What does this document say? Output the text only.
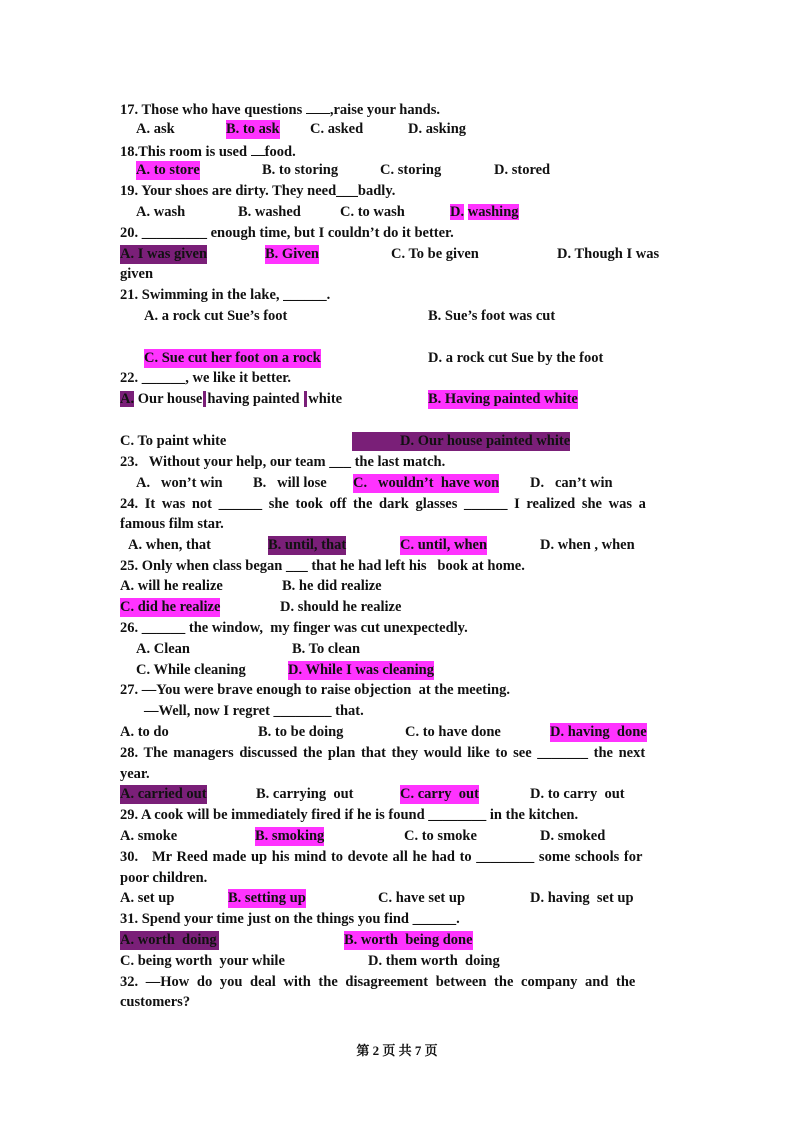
17. Those who have questions ,raise your hands.
A. ask	B. to ask C. asked	D. asking
18.This room is used food.
A. to store	B. to storing	C. storing	D. stored
19. Your shoes are dirty. They need___badly.
A. wash	B. washed	C. to wash	D. washing
20. _________ enough time, but I couldn’t do it better.
A. I was given	B. Given	C. To be given	D. Though I was
given
21. Swimming in the lake, ______.
A. a rock cut Sue’s foot	B. Sue’s foot was cut
C. Sue cut her foot on a rock	D. a rock cut Sue by the foot
22. ______, we like it better.
A. Our house having painted white	B. Having painted white
C. To paint white	D. Our house painted white
23.   Without your help, our team ___ the last match.
A.   won’t win B.   will lose C.   wouldn’t  have won D.   can’t win
24. It was not ______ she took off the dark glasses ______ I realized she was a
famous film star.
A. when, that	B. until, that	C. until, when	D. when , when
25. Only when class began ___ that he had left his   book at home.
A. will he realize	B. he did realize
C. did he realize	D. should he realize
26. ______ the window,  my finger was cut unexpectedly.
A. Clean	B. To clean
C. While cleaning	D. While I was cleaning
27. —You were brave enough to raise objection  at the meeting.
—Well, now I regret ________ that.
A. to do	B. to be doing	C. to have done	D. having  done
28. The managers discussed the plan that they would like to see _______ the next
year.
A. carried out	B. carrying  out	C. carry  out	D. to carry  out
29. A cook will be immediately fired if he is found ________ in the kitchen.
A. smoke	B. smoking	C. to smoke	D. smoked
30.   Mr Reed made up his mind to devote all he had to ________ some schools for
poor children.
A. set up	B. setting up	C. have set up	D. having  set up
31. Spend your time just on the things you find ______.
A. worth  doing	B. worth  being done
C. being worth  your while	D. them worth  doing
32. —How do you deal with the disagreement between the company and the
customers?
第 2 页 共 7 页
